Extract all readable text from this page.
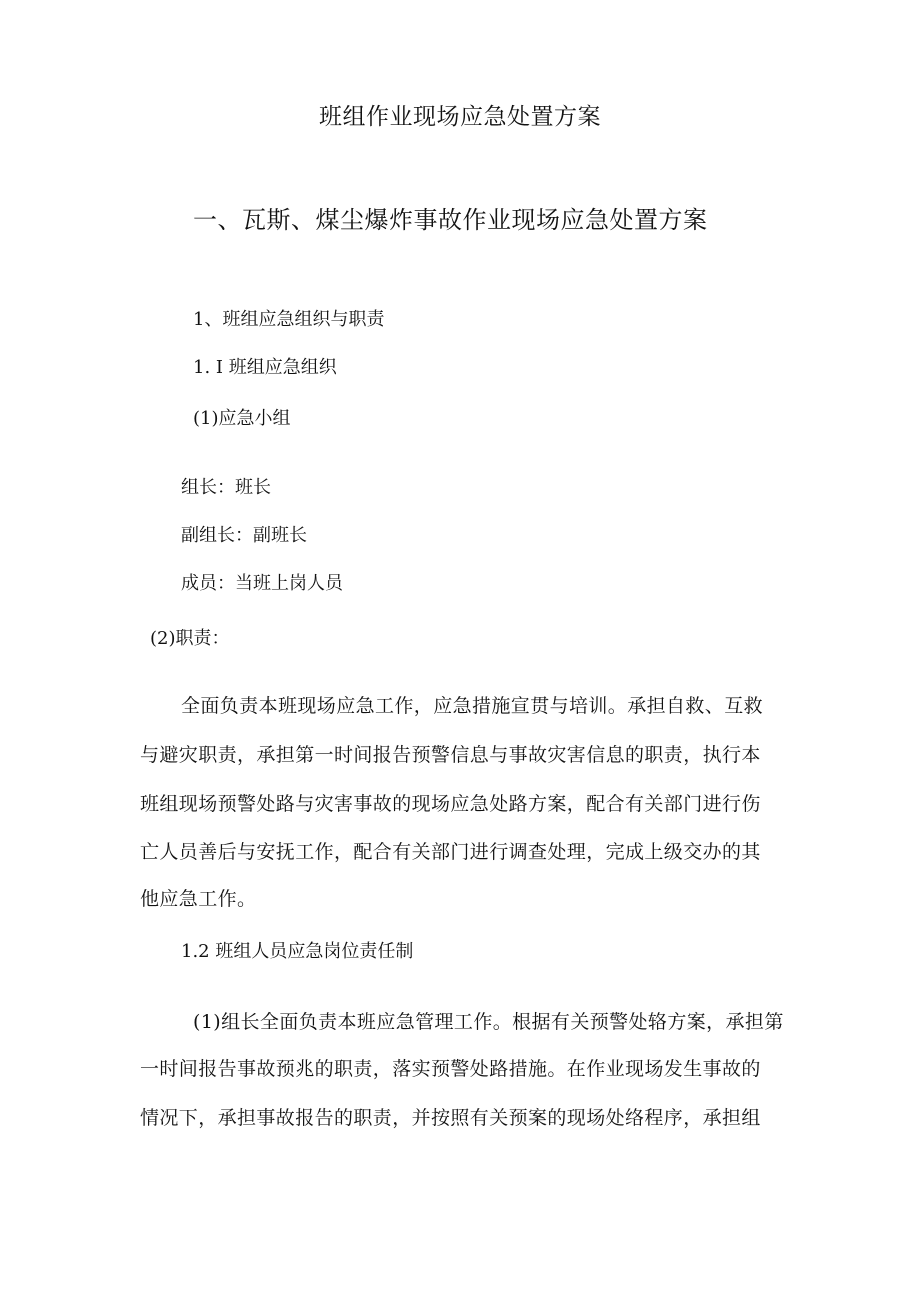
班组作业现场应急处置方案
一、瓦斯、煤尘爆炸事故作业现场应急处置方案
1、班组应急组织与职责
1. I 班组应急组织
(1)应急小组
组长：班长
副组长：副班长
成员：当班上岗人员
(2)职责：
全面负责本班现场应急工作，应急措施宣贯与培训。承担自救、互救
与避灾职责，承担第一时间报告预警信息与事故灾害信息的职责，执行本
班组现场预警处路与灾害事故的现场应急处路方案，配合有关部门进行伤
亡人员善后与安抚工作，配合有关部门进行调查处理，完成上级交办的其
他应急工作。
1.2 班组人员应急岗位责任制
(1)组长全面负责本班应急管理工作。根据有关预警处辂方案，承担第
一时间报告事故预兆的职责，落实预警处路措施。在作业现场发生事故的
情况下，承担事故报告的职责，并按照有关预案的现场处络程序，承担组
